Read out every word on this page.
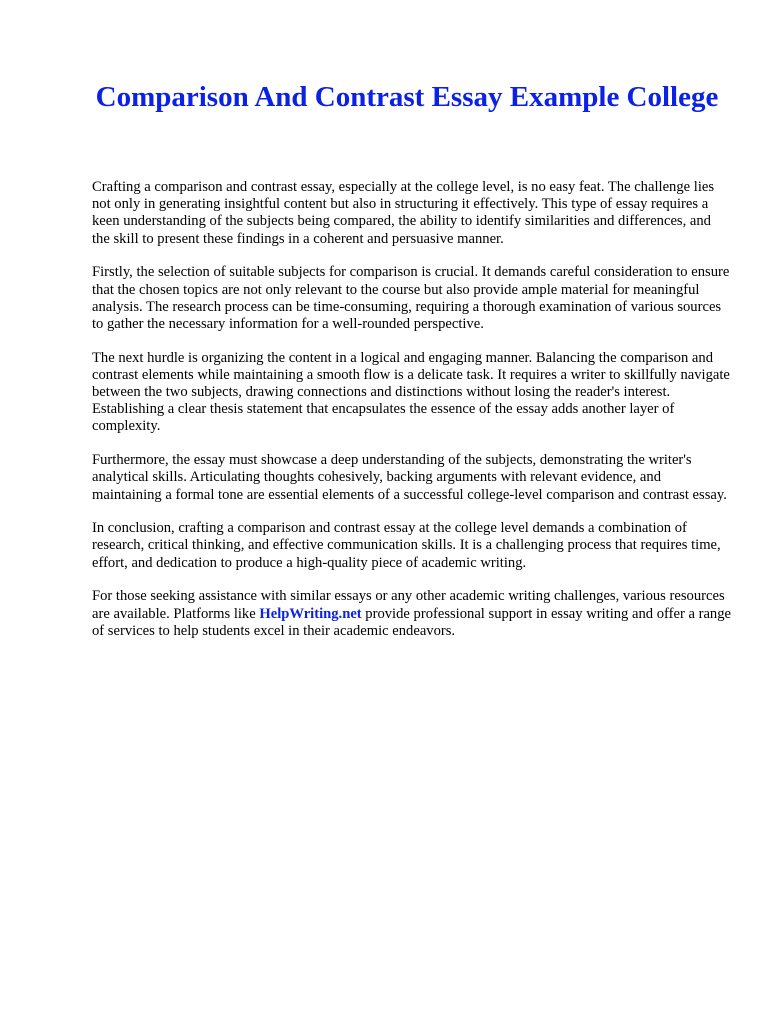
Comparison And Contrast Essay Example College

Crafting a comparison and contrast essay, especially at the college level, is no easy feat. The challenge lies not only in generating insightful content but also in structuring it effectively. This type of essay requires a keen understanding of the subjects being compared, the ability to identify similarities and differences, and the skill to present these findings in a coherent and persuasive manner.

Firstly, the selection of suitable subjects for comparison is crucial. It demands careful consideration to ensure that the chosen topics are not only relevant to the course but also provide ample material for meaningful analysis. The research process can be time-consuming, requiring a thorough examination of various sources to gather the necessary information for a well-rounded perspective.

The next hurdle is organizing the content in a logical and engaging manner. Balancing the comparison and contrast elements while maintaining a smooth flow is a delicate task. It requires a writer to skillfully navigate between the two subjects, drawing connections and distinctions without losing the reader's interest. Establishing a clear thesis statement that encapsulates the essence of the essay adds another layer of complexity.

Furthermore, the essay must showcase a deep understanding of the subjects, demonstrating the writer's analytical skills. Articulating thoughts cohesively, backing arguments with relevant evidence, and maintaining a formal tone are essential elements of a successful college-level comparison and contrast essay.

In conclusion, crafting a comparison and contrast essay at the college level demands a combination of research, critical thinking, and effective communication skills. It is a challenging process that requires time, effort, and dedication to produce a high-quality piece of academic writing.

For those seeking assistance with similar essays or any other academic writing challenges, various resources are available. Platforms like HelpWriting.net provide professional support in essay writing and offer a range of services to help students excel in their academic endeavors.
